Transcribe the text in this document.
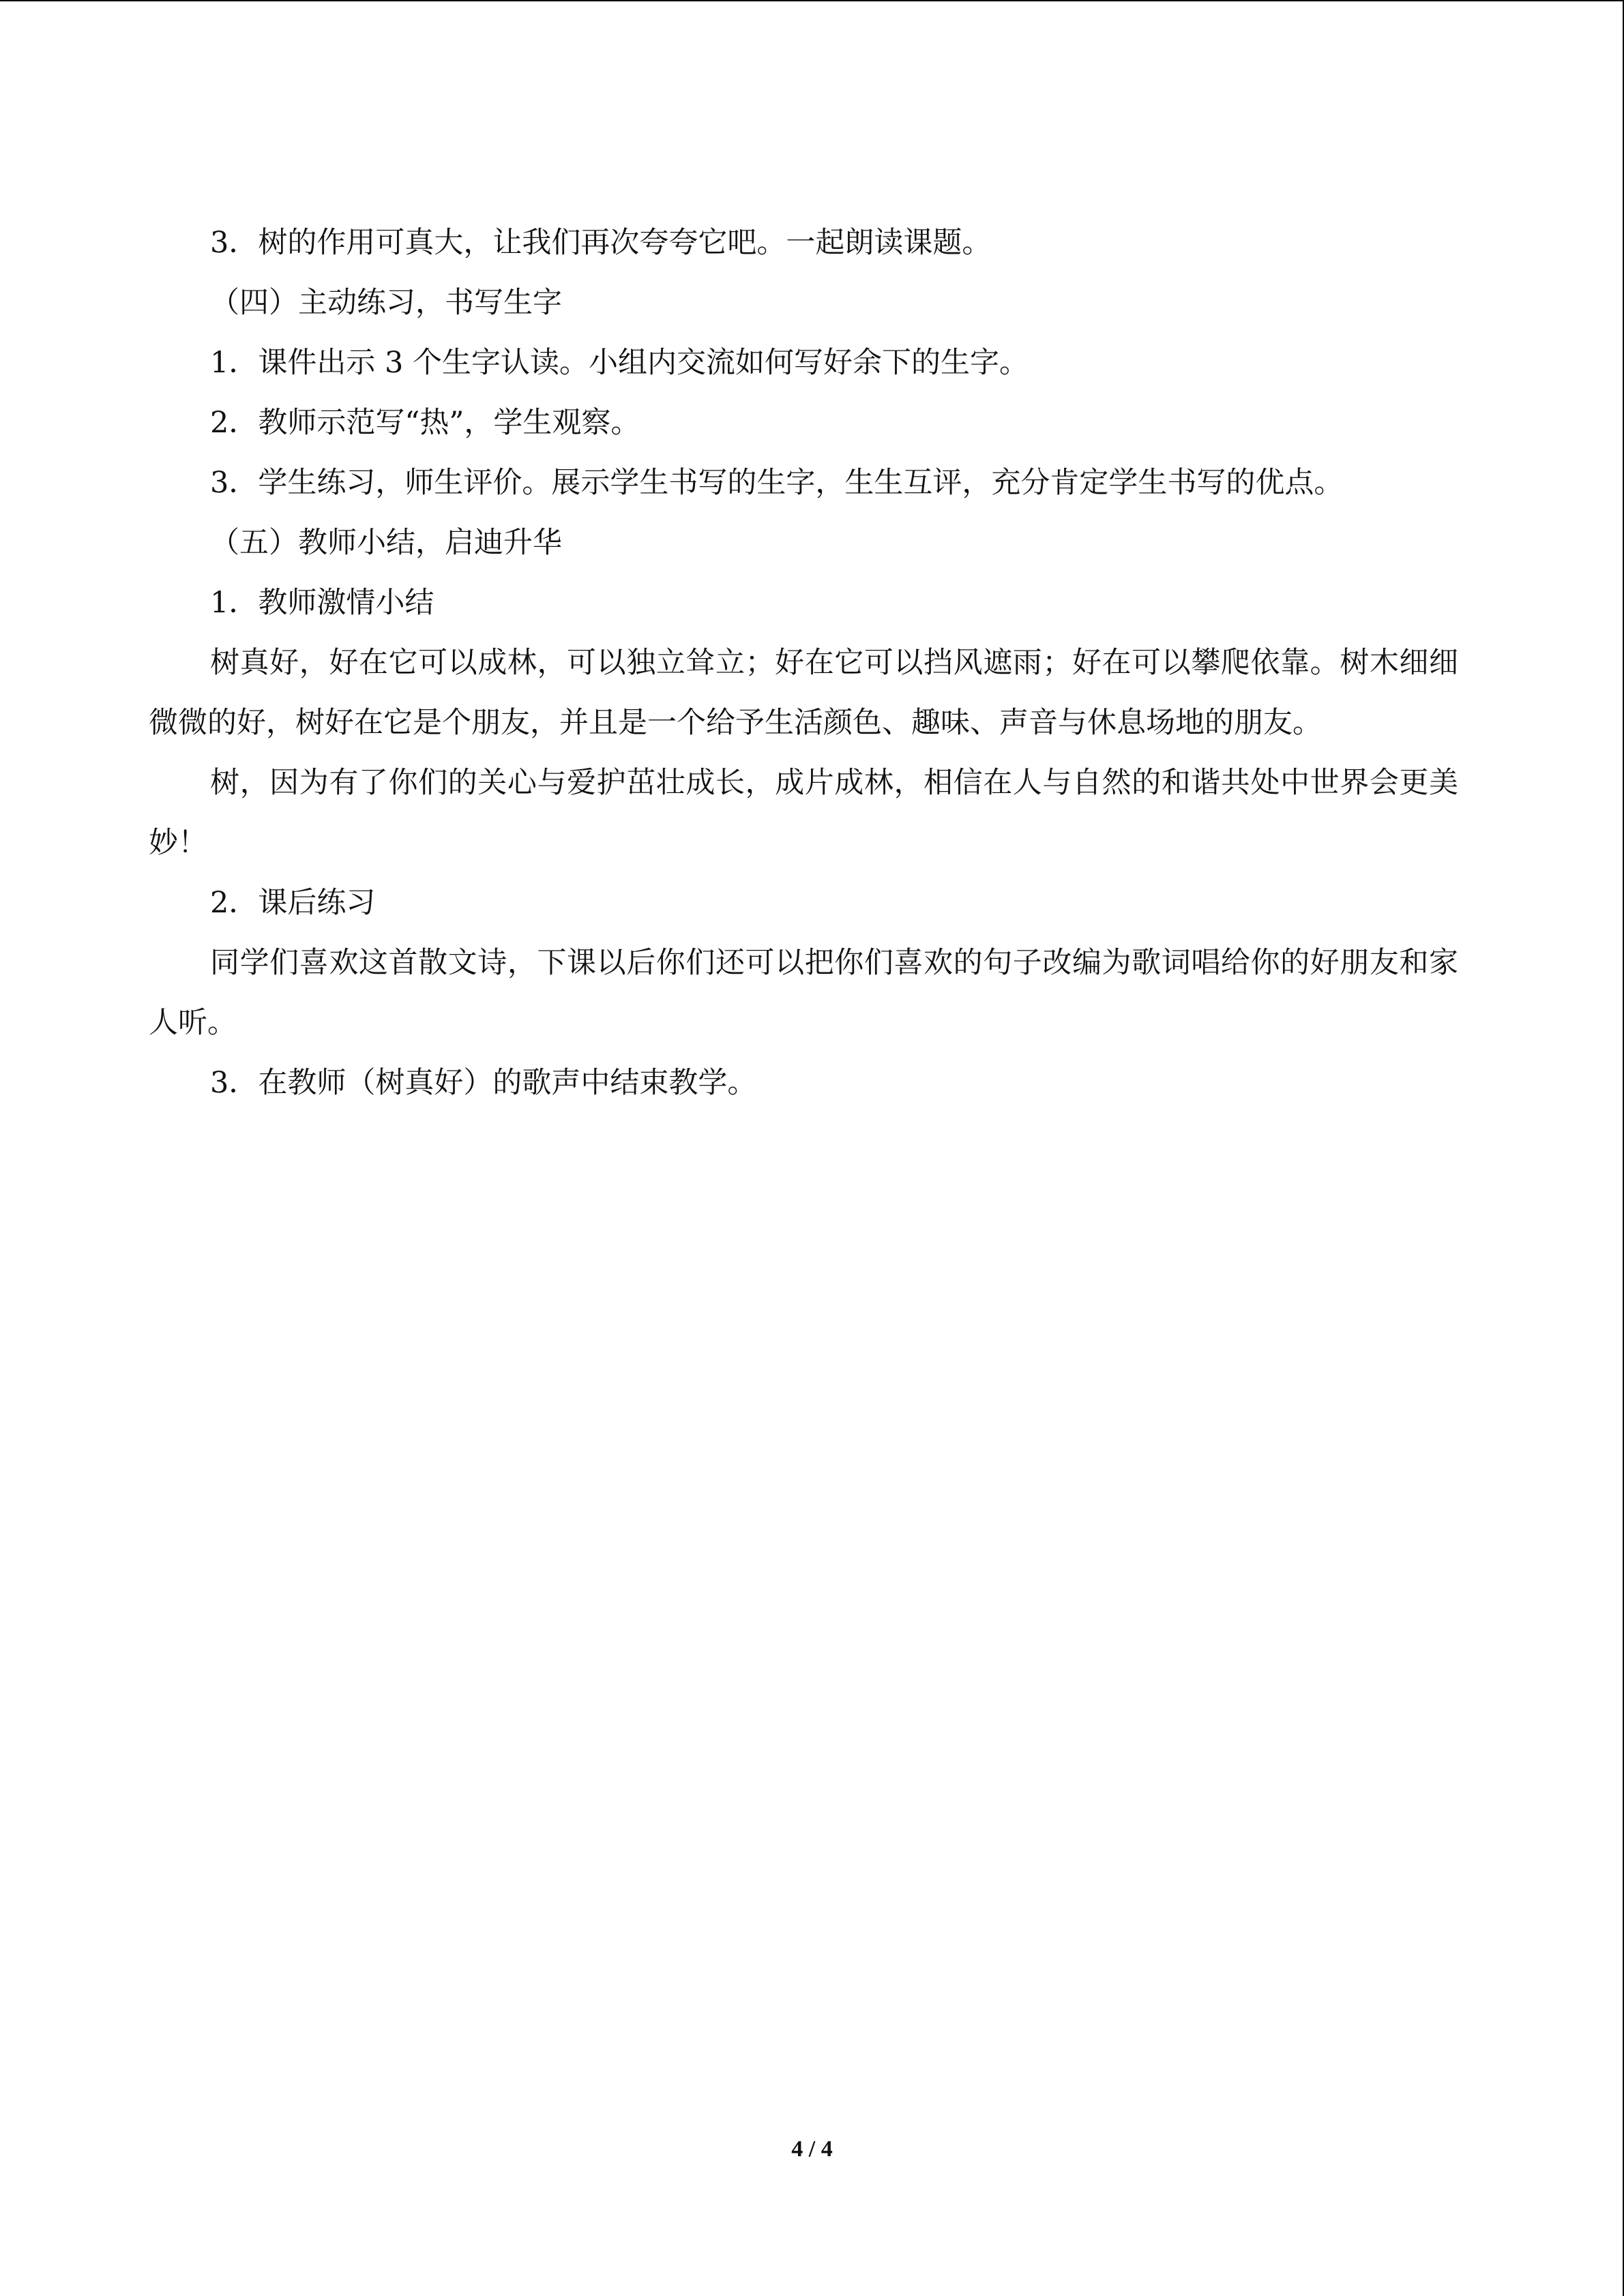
3．树的作用可真大，让我们再次夸夸它吧。一起朗读课题。

（四）主动练习，书写生字

1．课件出示 3 个生字认读。小组内交流如何写好余下的生字。

2．教师示范写“热”，学生观察。

3．学生练习，师生评价。展示学生书写的生字，生生互评，充分肯定学生书写的优点。

（五）教师小结，启迪升华

1．教师激情小结

树真好，好在它可以成林，可以独立耸立；好在它可以挡风遮雨；好在可以攀爬依靠。树木细细微微的好，树好在它是个朋友，并且是一个给予生活颜色、趣味、声音与休息场地的朋友。

树，因为有了你们的关心与爱护茁壮成长，成片成林，相信在人与自然的和谐共处中世界会更美妙！

2．课后练习

同学们喜欢这首散文诗，下课以后你们还可以把你们喜欢的句子改编为歌词唱给你的好朋友和家人听。

3．在教师（树真好）的歌声中结束教学。

4 / 4
